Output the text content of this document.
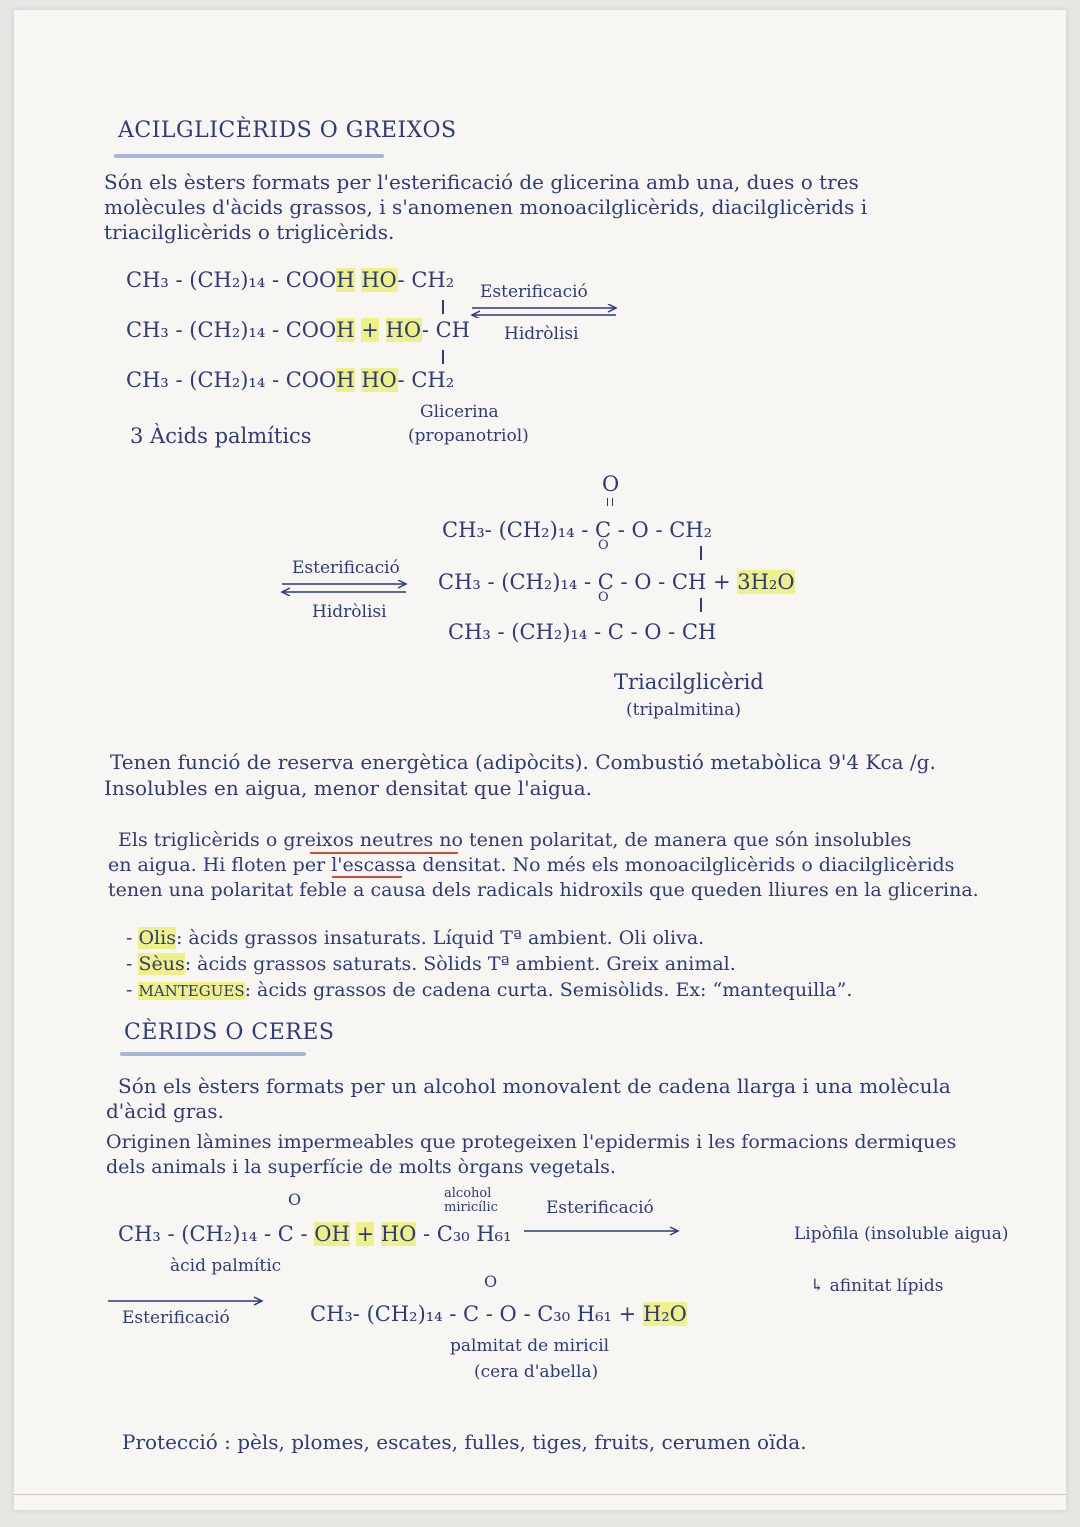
ACILGLICÈRIDS O GREIXOS
Són els èsters formats per l'esterificació de glicerina amb una, dues o tres
molècules d'àcids grassos, i s'anomenen monoacilglicèrids, diacilglicèrids i
triacilglicèrids o triglicèrids.
CH₃ - (CH₂)₁₄ - COOH HO- CH₂
CH₃ - (CH₂)₁₄ - COOH + HO- CH
CH₃ - (CH₂)₁₄ - COOH HO- CH₂
Esterificació
Hidròlisi
3 Àcids palmítics
Glicerina
(propanotriol)
O
CH₃- (CH₂)₁₄ - C - O - CH₂
O
Esterificació
Hidròlisi
CH₃ - (CH₂)₁₄ - C - O - CH + 3H₂O
O
CH₃ - (CH₂)₁₄ - C - O - CH
Triacilglicèrid
(tripalmitina)
Tenen funció de reserva energètica (adipòcits). Combustió metabòlica 9'4 Kca /g.
Insolubles en aigua, menor densitat que l'aigua.
Els triglicèrids o greixos neutres no tenen polaritat, de manera que són insolubles
en aigua. Hi floten per l'escassa densitat. No més els monoacilglicèrids o diacilglicèrids
tenen una polaritat feble a causa dels radicals hidroxils que queden lliures en la glicerina.
- Olis: àcids grassos insaturats. Líquid Tª ambient. Oli oliva.
- Sèus: àcids grassos saturats. Sòlids Tª ambient. Greix animal.
- MANTEGUES: àcids grassos de cadena curta. Semisòlids. Ex: “mantequilla”.
CÈRIDS O CERES
Són els èsters formats per un alcohol monovalent de cadena llarga i una molècula
d'àcid gras.
Originen làmines impermeables que protegeixen l'epidermis i les formacions dermiques
dels animals i la superfície de molts òrgans vegetals.
O	alcohol
miricílic	Esterificació
CH₃ - (CH₂)₁₄ - C - OH + HO - C₃₀ H₆₁
àcid palmític
Lipòfila (insoluble aigua)
↳ afinitat lípids
Esterificació
O
CH₃- (CH₂)₁₄ - C - O - C₃₀ H₆₁ + H₂O
palmitat de miricil
(cera d'abella)
Protecció : pèls, plomes, escates, fulles, tiges, fruits, cerumen oïda.
